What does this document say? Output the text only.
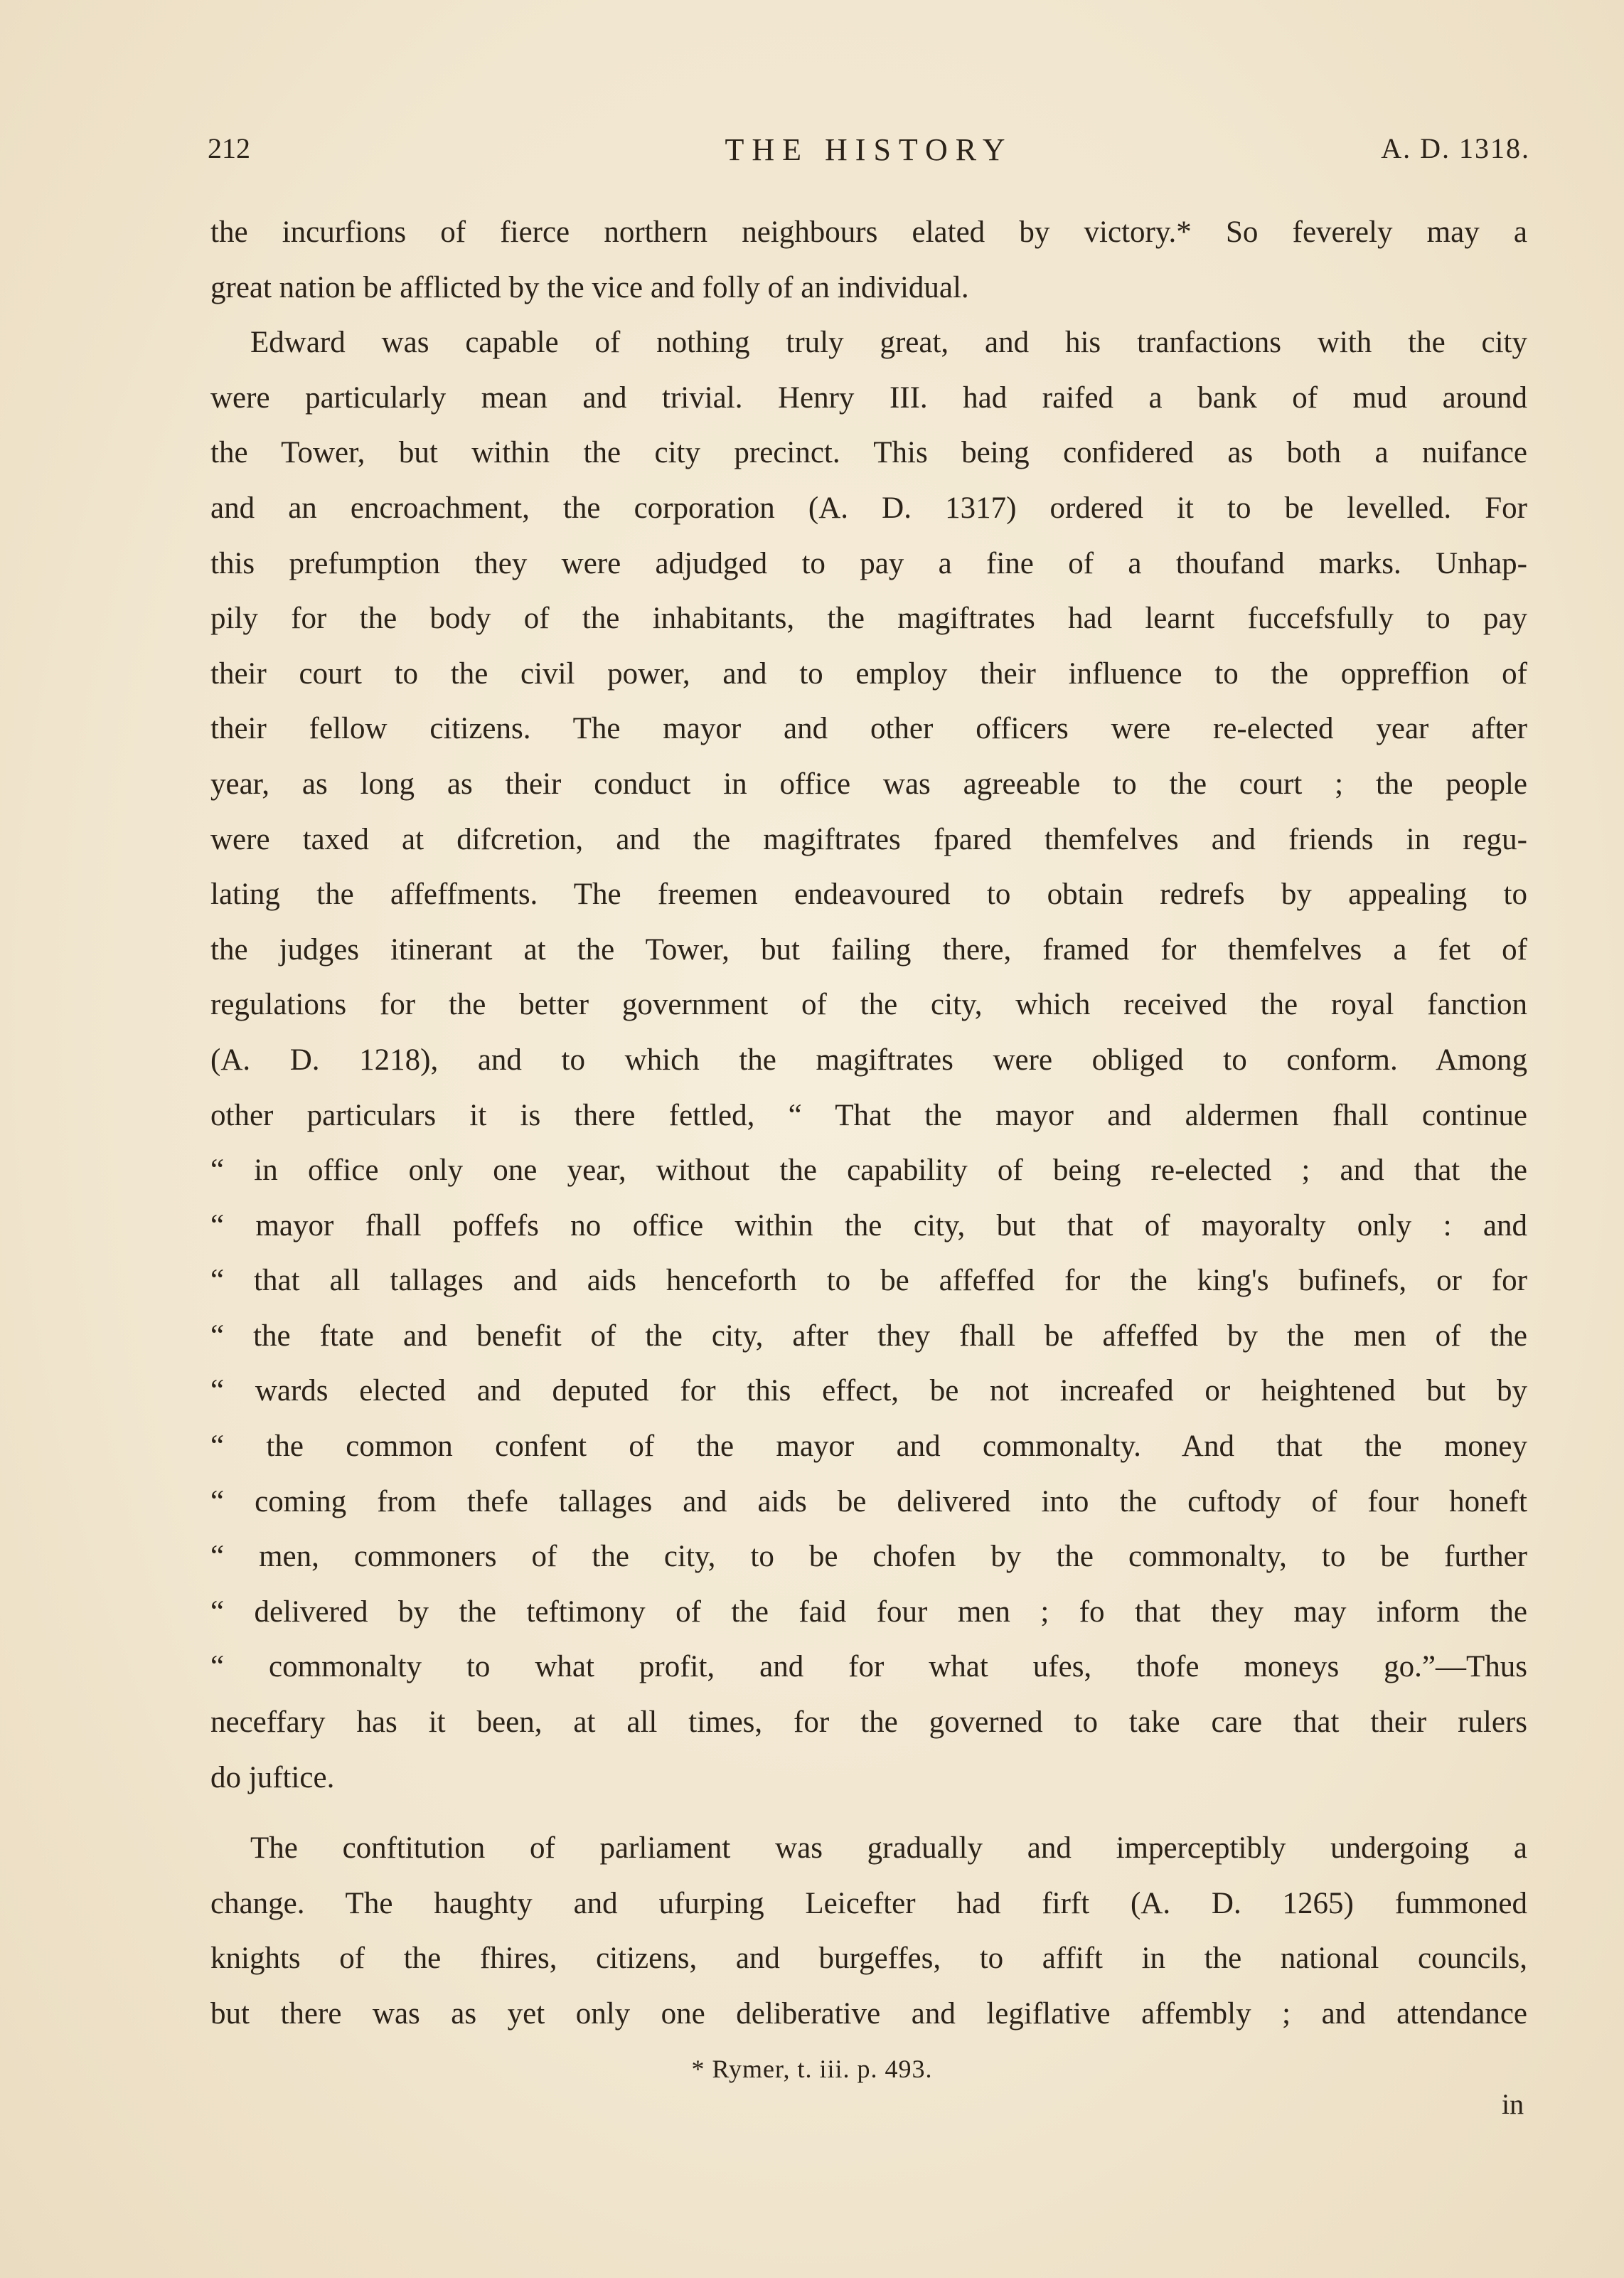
212	THE HISTORY	A. D. 1318.
the incurfions of fierce northern neighbours elated by victory.* So feverely may a
great nation be afflicted by the vice and folly of an individual.
Edward was capable of nothing truly great, and his tranfactions with the city
were particularly mean and trivial. Henry III. had raifed a bank of mud around
the Tower, but within the city precinct. This being confidered as both a nuifance
and an encroachment, the corporation (A. D. 1317) ordered it to be levelled. For
this prefumption they were adjudged to pay a fine of a thoufand marks. Unhap-
pily for the body of the inhabitants, the magiftrates had learnt fuccefsfully to pay
their court to the civil power, and to employ their influence to the oppreffion of
their fellow citizens. The mayor and other officers were re-elected year after
year, as long as their conduct in office was agreeable to the court ; the people
were taxed at difcretion, and the magiftrates fpared themfelves and friends in regu-
lating the affeffments. The freemen endeavoured to obtain redrefs by appealing to
the judges itinerant at the Tower, but failing there, framed for themfelves a fet of
regulations for the better government of the city, which received the royal fanction
(A. D. 1218), and to which the magiftrates were obliged to conform. Among
other particulars it is there fettled, “ That the mayor and aldermen fhall continue
“ in office only one year, without the capability of being re-elected ; and that the
“ mayor fhall poffefs no office within the city, but that of mayoralty only : and
“ that all tallages and aids henceforth to be affeffed for the king's bufinefs, or for
“ the ftate and benefit of the city, after they fhall be affeffed by the men of the
“ wards elected and deputed for this effect, be not increafed or heightened but by
“ the common confent of the mayor and commonalty. And that the money
“ coming from thefe tallages and aids be delivered into the cuftody of four honeft
“ men, commoners of the city, to be chofen by the commonalty, to be further
“ delivered by the teftimony of the faid four men ; fo that they may inform the
“ commonalty to what profit, and for what ufes, thofe moneys go.”—Thus
neceffary has it been, at all times, for the governed to take care that their rulers
do juftice.
The conftitution of parliament was gradually and imperceptibly undergoing a
change. The haughty and ufurping Leicefter had firft (A. D. 1265) fummoned
knights of the fhires, citizens, and burgeffes, to affift in the national councils,
but there was as yet only one deliberative and legiflative affembly ; and attendance
* Rymer, t. iii. p. 493.
in
